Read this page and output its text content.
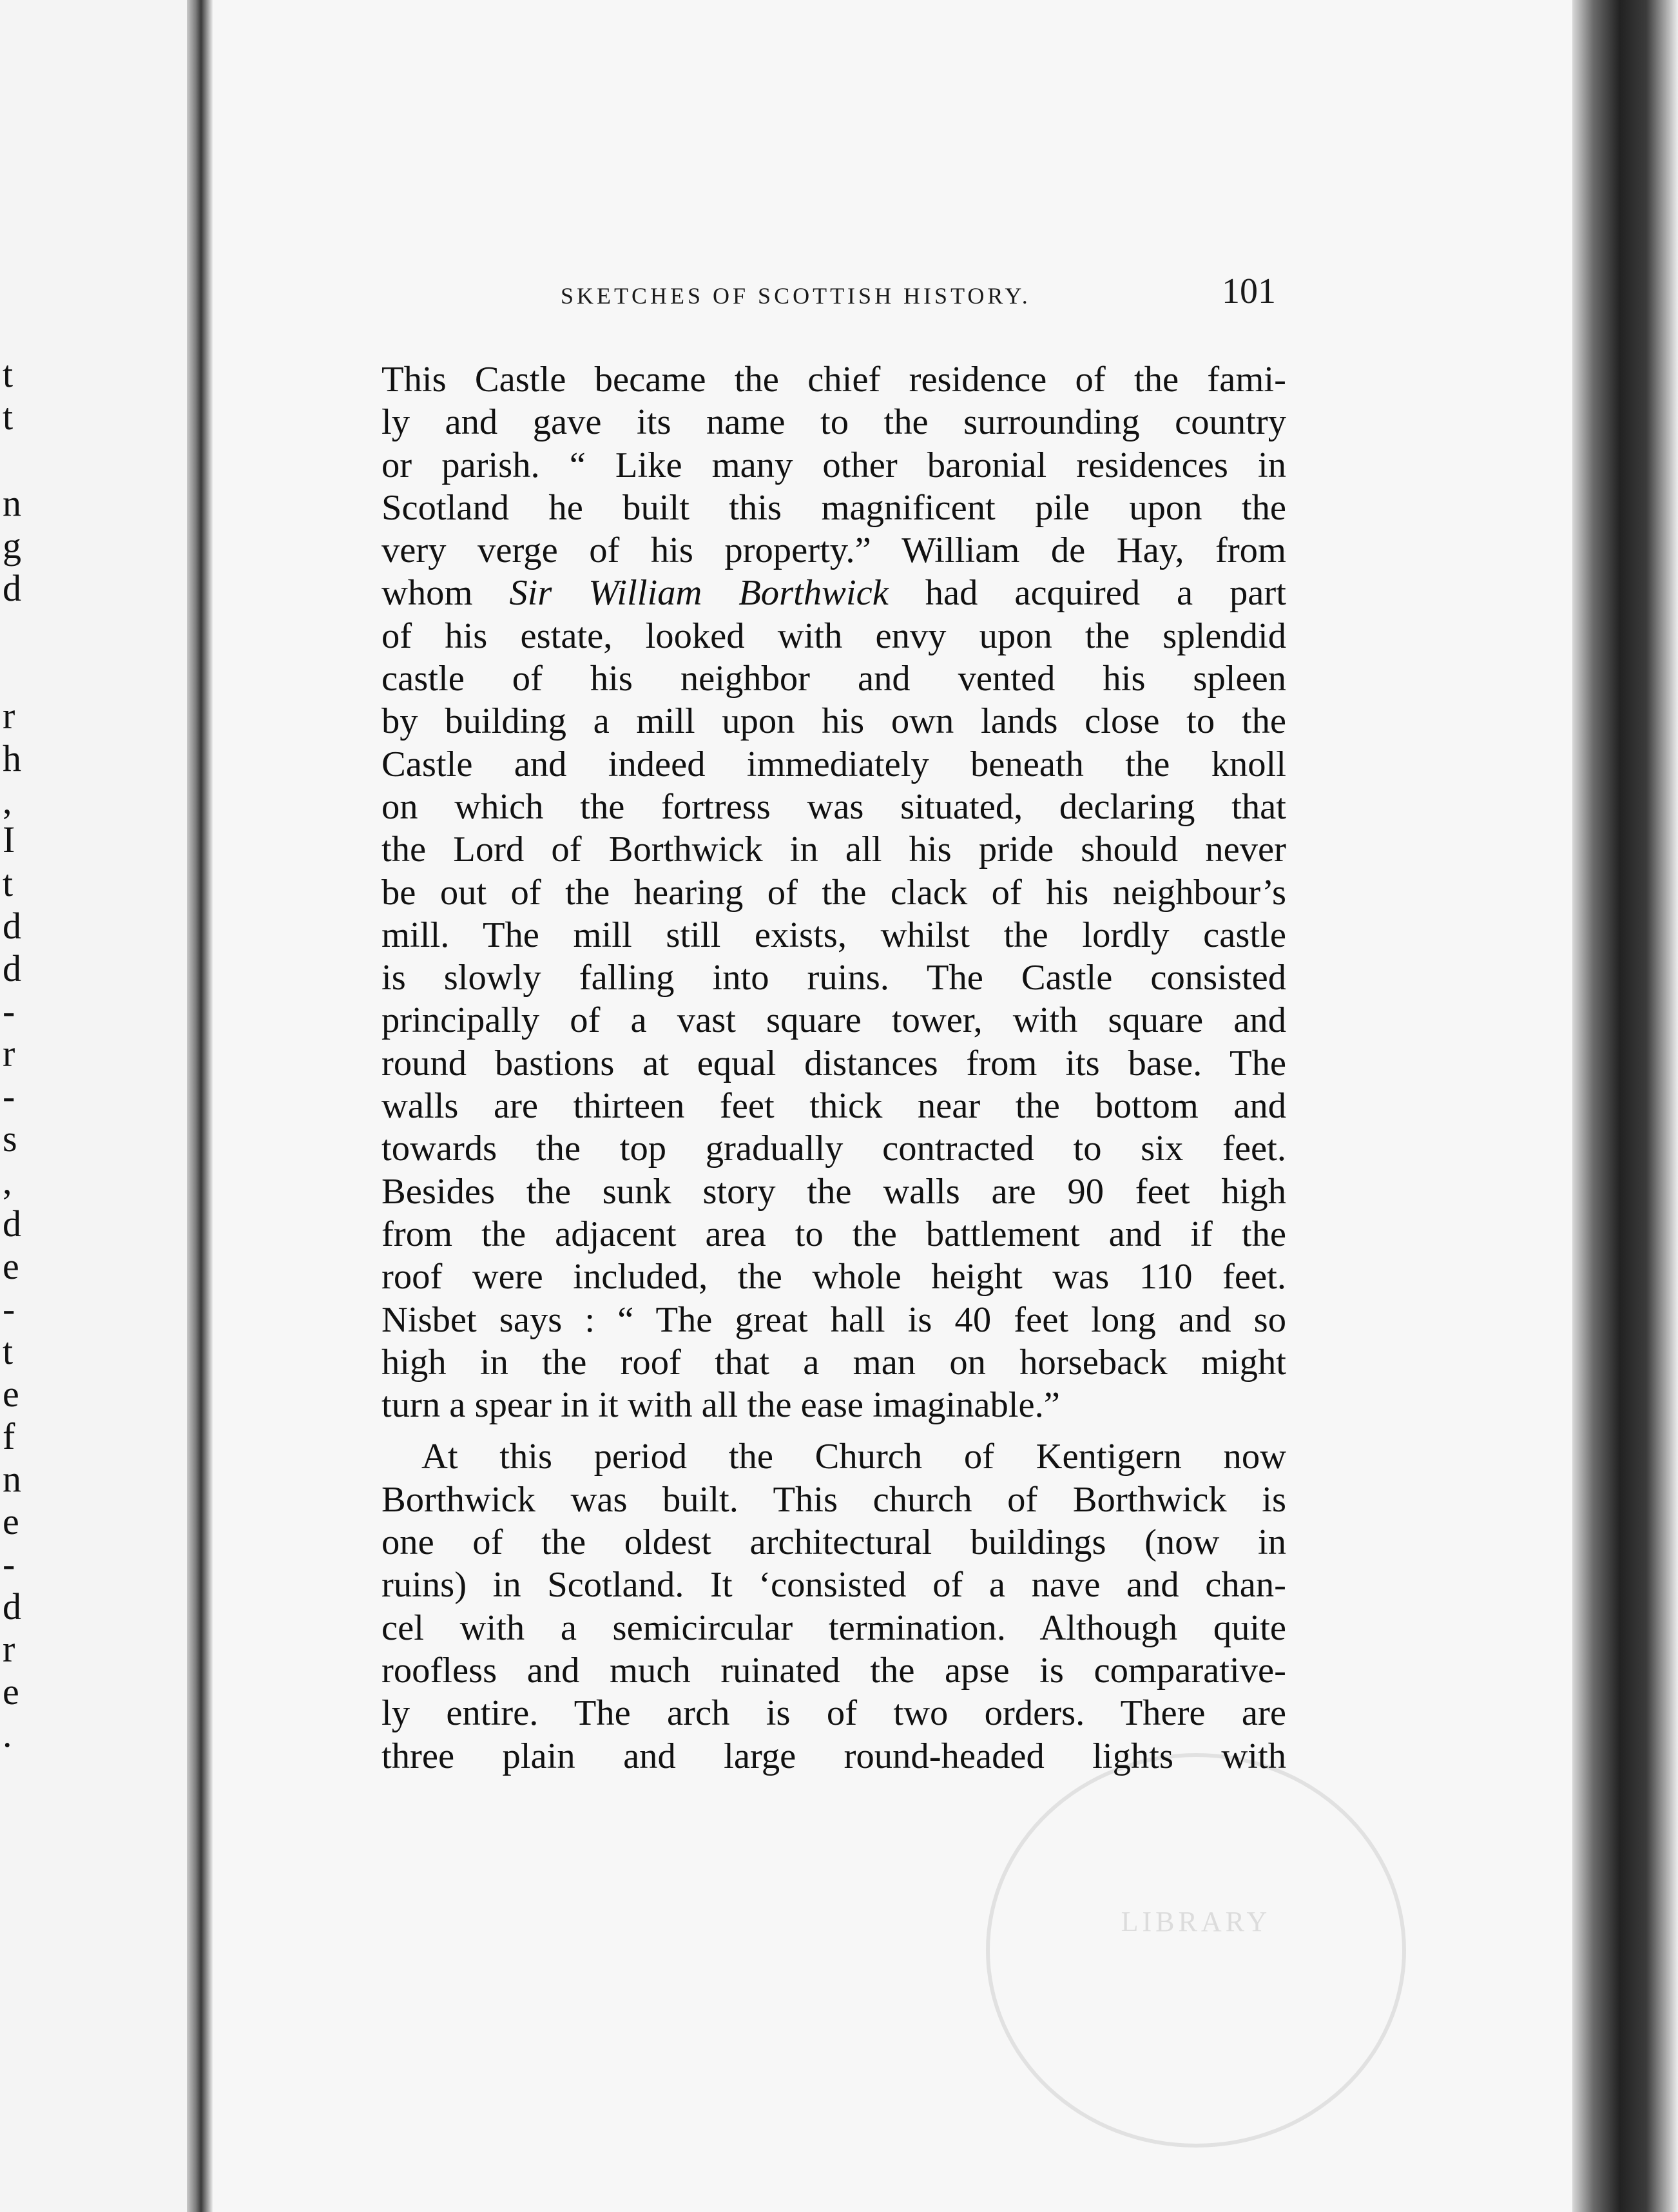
t
t
n
g
d
r
h
,
I
t
d
d
-
r
-
s
,
d
e
-
t
e
f
n
e
-
d
r
e
.
LIBRARY
SKETCHES OF SCOTTISH HISTORY.	101
This Castle became the chief residence of the fami-
ly and gave its name to the surrounding country
or parish. “ Like many other baronial residences in
Scotland he built this magnificent pile upon the
very verge of his property.” William de Hay, from
whom Sir William Borthwick had acquired a part
of his estate, looked with envy upon the splendid
castle of his neighbor and vented his spleen
by building a mill upon his own lands close to the
Castle and indeed immediately beneath the knoll
on which the fortress was situated, declaring that
the Lord of Borthwick in all his pride should never
be out of the hearing of the clack of his neighbour’s
mill. The mill still exists, whilst the lordly castle
is slowly falling into ruins. The Castle consisted
principally of a vast square tower, with square and
round bastions at equal distances from its base. The
walls are thirteen feet thick near the bottom and
towards the top gradually contracted to six feet.
Besides the sunk story the walls are 90 feet high
from the adjacent area to the battlement and if the
roof were included, the whole height was 110 feet.
Nisbet says : “ The great hall is 40 feet long and so
high in the roof that a man on horseback might
turn a spear in it with all the ease imaginable.”
At this period the Church of Kentigern now
Borthwick was built. This church of Borthwick is
one of the oldest architectural buildings (now in
ruins) in Scotland. It ‘consisted of a nave and chan-
cel with a semicircular termination. Although quite
roofless and much ruinated the apse is comparative-
ly entire. The arch is of two orders. There are
three plain and large round-headed lights with
